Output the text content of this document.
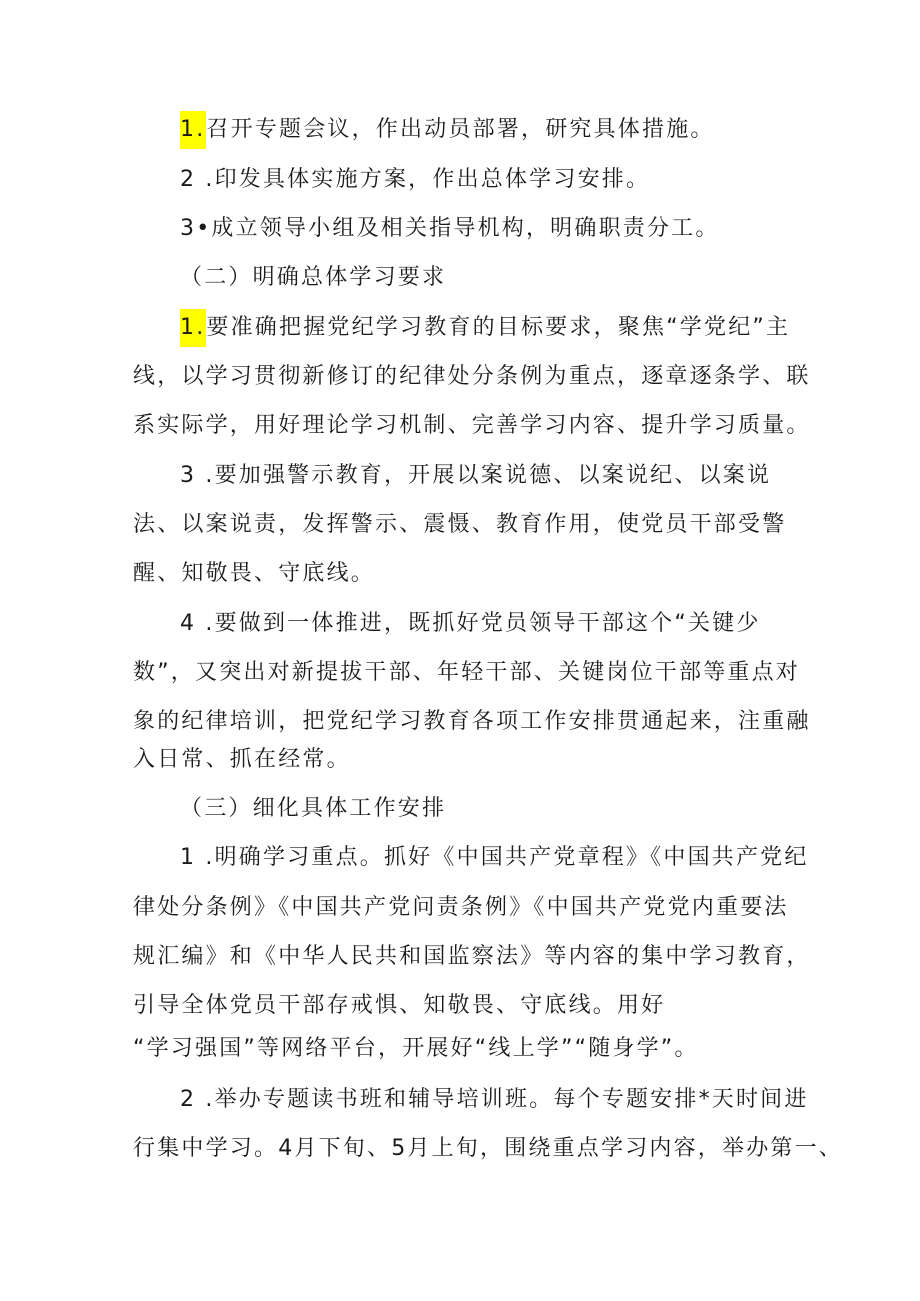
1.召开专题会议，作出动员部署，研究具体措施。
2 .印发具体实施方案，作出总体学习安排。
3•成立领导小组及相关指导机构，明确职责分工。
（二）明确总体学习要求
1.要准确把握党纪学习教育的目标要求，聚焦“学党纪”主
线，以学习贯彻新修订的纪律处分条例为重点，逐章逐条学、联
系实际学，用好理论学习机制、完善学习内容、提升学习质量。
3 .要加强警示教育，开展以案说德、以案说纪、以案说
法、以案说责，发挥警示、震慑、教育作用，使党员干部受警
醒、知敬畏、守底线。
4 .要做到一体推进，既抓好党员领导干部这个“关键少
数”，又突出对新提拔干部、年轻干部、关键岗位干部等重点对
象的纪律培训，把党纪学习教育各项工作安排贯通起来，注重融
入日常、抓在经常。
（三）细化具体工作安排
1 .明确学习重点。抓好《中国共产党章程》《中国共产党纪
律处分条例》《中国共产党问责条例》《中国共产党党内重要法
规汇编》和《中华人民共和国监察法》等内容的集中学习教育，
引导全体党员干部存戒惧、知敬畏、守底线。用好
“学习强国”等网络平台，开展好“线上学”“随身学”。
2 .举办专题读书班和辅导培训班。每个专题安排*天时间进
行集中学习。4月下旬、5月上旬，围绕重点学习内容，举办第一、
